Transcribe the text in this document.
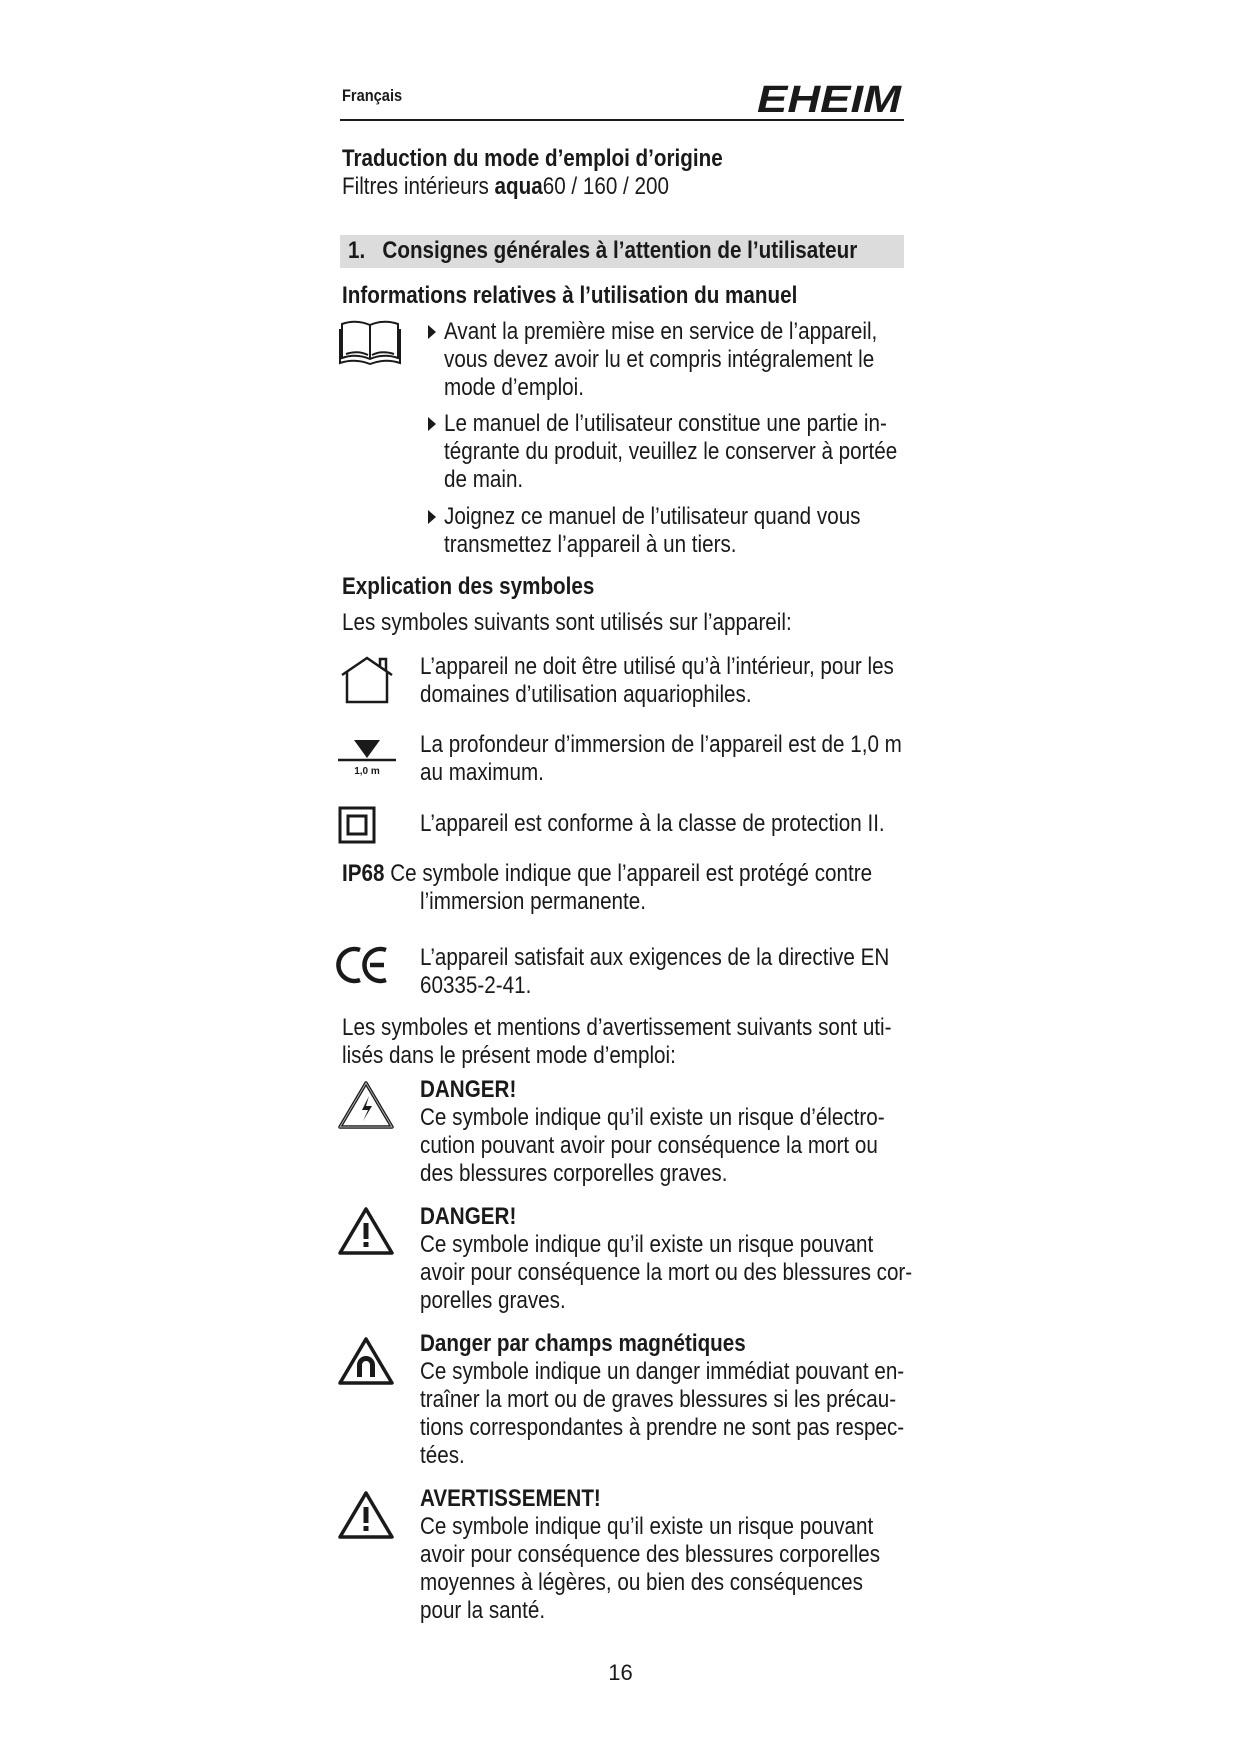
Français	EHEIM
Traduction du mode d’emploi d’origine
Filtres intérieurs aqua60 / 160 / 200
1. Consignes générales à l’attention de l’utilisateur
Informations relatives à l’utilisation du manuel
Avant la première mise en service de l’appareil,
vous devez avoir lu et compris intégralement le
mode d’emploi.
Le manuel de l’utilisateur constitue une partie in-
tégrante du produit, veuillez le conserver à portée
de main.
Joignez ce manuel de l’utilisateur quand vous
transmettez l’appareil à un tiers.
Explication des symboles
Les symboles suivants sont utilisés sur l’appareil:
L’appareil ne doit être utilisé qu’à l’intérieur, pour les
domaines d’utilisation aquariophiles.
1,0 m
La profondeur d’immersion de l’appareil est de 1,0 m
au maximum.
L’appareil est conforme à la classe de protection II.
IP68 Ce symbole indique que l’appareil est protégé contre
l’immersion permanente.
L’appareil satisfait aux exigences de la directive EN
60335-2-41.
Les symboles et mentions d’avertissement suivants sont uti-
lisés dans le présent mode d’emploi:
DANGER!
Ce symbole indique qu’il existe un risque d’électro-
cution pouvant avoir pour conséquence la mort ou
des blessures corporelles graves.
DANGER!
Ce symbole indique qu’il existe un risque pouvant
avoir pour conséquence la mort ou des blessures cor-
porelles graves.
Danger par champs magnétiques
Ce symbole indique un danger immédiat pouvant en-
traîner la mort ou de graves blessures si les précau-
tions correspondantes à prendre ne sont pas respec-
tées.
AVERTISSEMENT!
Ce symbole indique qu’il existe un risque pouvant
avoir pour conséquence des blessures corporelles
moyennes à légères, ou bien des conséquences
pour la santé.
16
